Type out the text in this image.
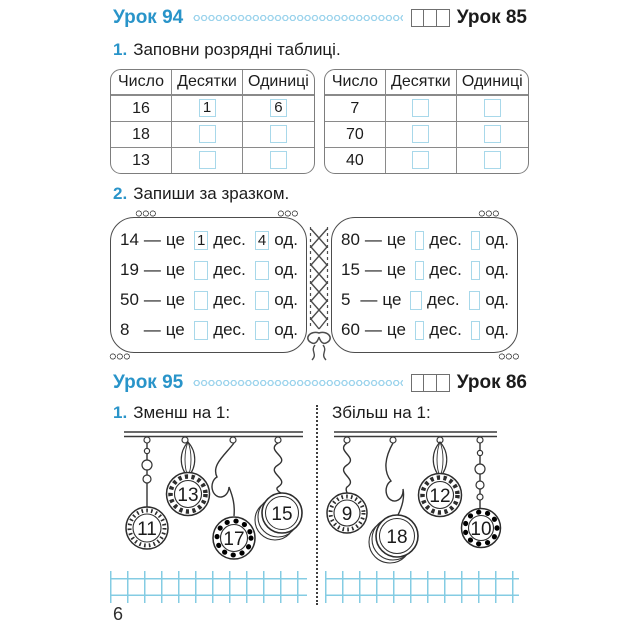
Урок 94	Урок 85
1. Заповни розрядні таблиці.
Число	Десятки	Одиниці
16	1	6
18		
13		
Число	Десятки	Одиниці
7		
70		
40		
2. Запиши за зразком.
14 — це 1 дес. 4 од.
19 — це дес. од.
50 — це дес. од.
8 — це дес. од.
80 — це дес. од.
15 — це дес. од.
5 — це дес. од.
60 — це дес. од.
Урок 95	Урок 86
1. Зменш на 1:
11
13
17
15
Збільш на 1:
9
18
12
10
6
